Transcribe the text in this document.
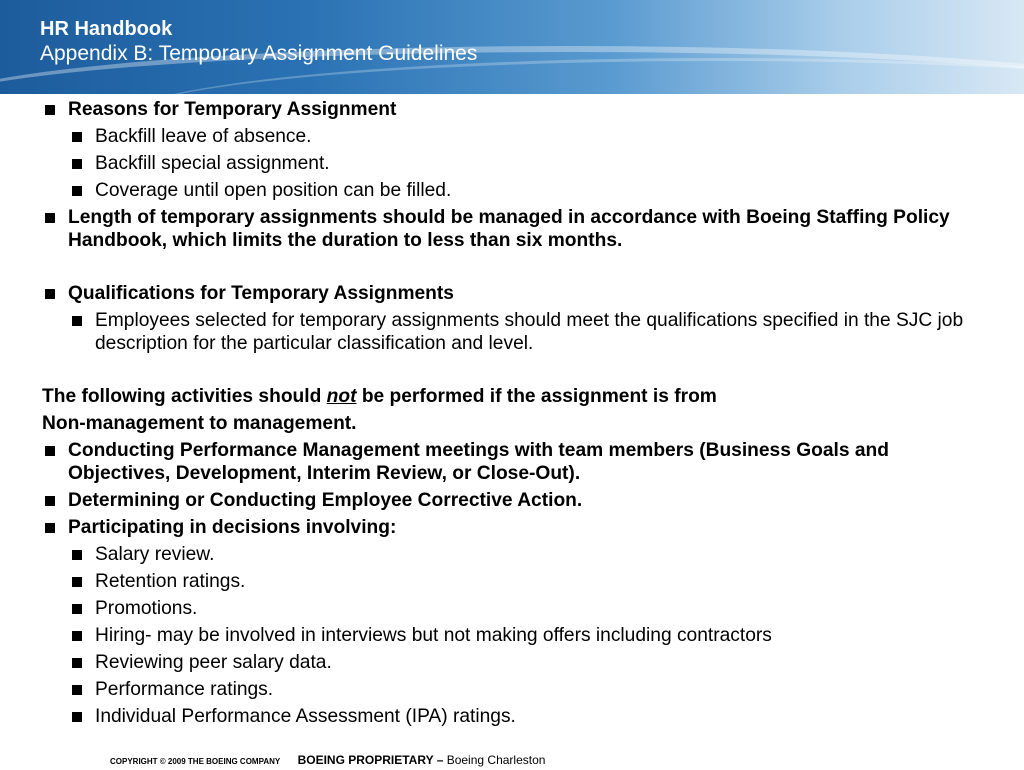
HR Handbook
Appendix B: Temporary Assignment Guidelines
Reasons for Temporary Assignment
Backfill leave of absence.
Backfill special assignment.
Coverage until open position can be filled.
Length of temporary assignments should be managed in accordance with Boeing Staffing Policy Handbook, which limits the duration to less than six months.
Qualifications for Temporary Assignments
Employees selected for temporary assignments should meet the qualifications specified in the SJC job description for the particular classification and level.
The following activities should not be performed if the assignment is from
Non-management to management.
Conducting Performance Management meetings with team members (Business Goals and Objectives, Development, Interim Review, or Close-Out).
Determining or Conducting Employee Corrective Action.
Participating in decisions involving:
Salary review.
Retention ratings.
Promotions.
Hiring- may be involved in interviews but not making offers including contractors
Reviewing peer salary data.
Performance ratings.
Individual Performance Assessment (IPA) ratings.
COPYRIGHT © 2009 THE BOEING COMPANY BOEING PROPRIETARY – Boeing Charleston
